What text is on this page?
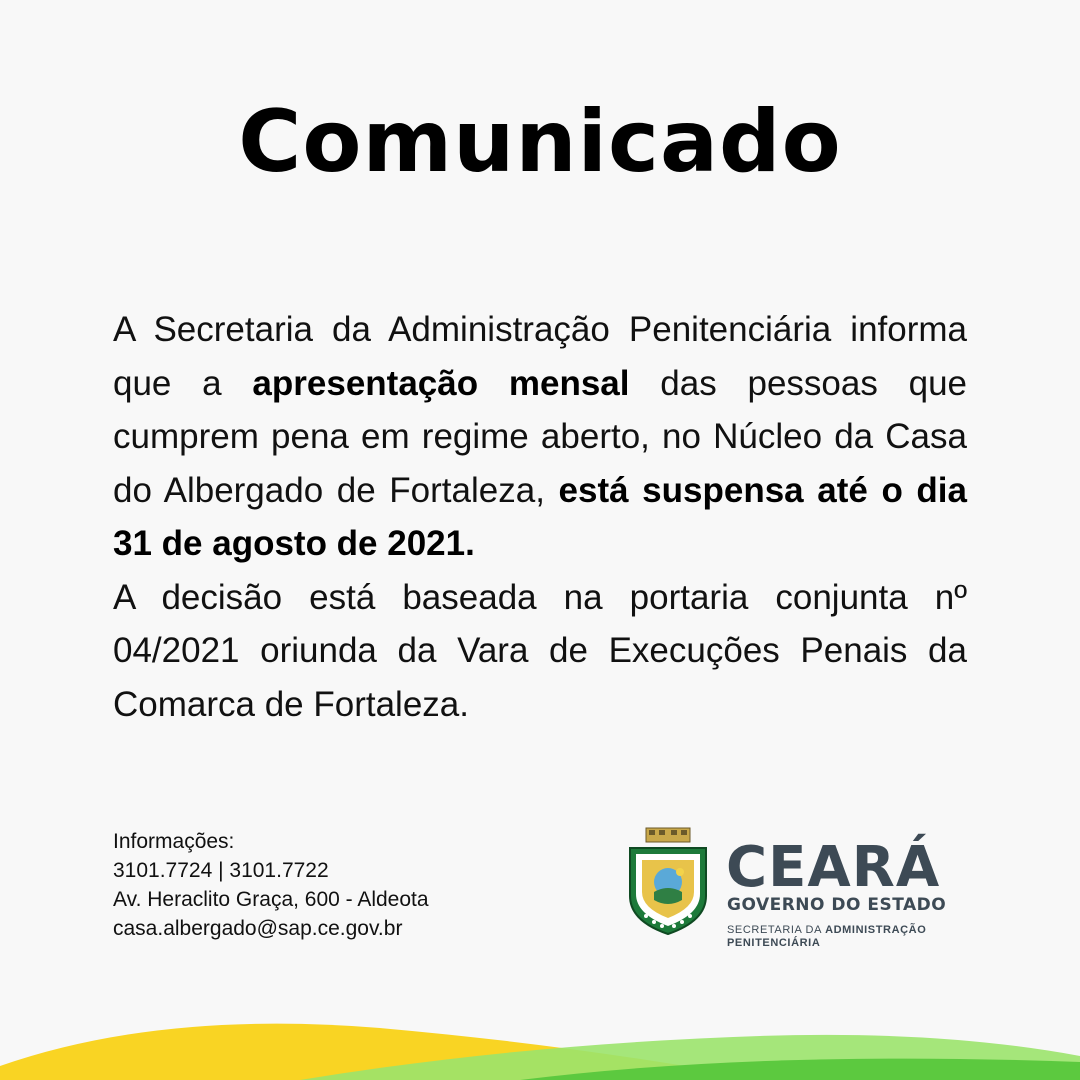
Comunicado

A Secretaria da Administração Penitenciária informa que a apresentação mensal das pessoas que cumprem pena em regime aberto, no Núcleo da Casa do Albergado de Fortaleza, está suspensa até o dia 31 de agosto de 2021.

A decisão está baseada na portaria conjunta nº 04/2021 oriunda da Vara de Execuções Penais da Comarca de Fortaleza.

Informações:
3101.7724 | 3101.7722
Av. Heraclito Graça, 600 - Aldeota
casa.albergado@sap.ce.gov.br
CEARÁ
GOVERNO DO ESTADO
SECRETARIA DA ADMINISTRAÇÃO
PENITENCIÁRIA
